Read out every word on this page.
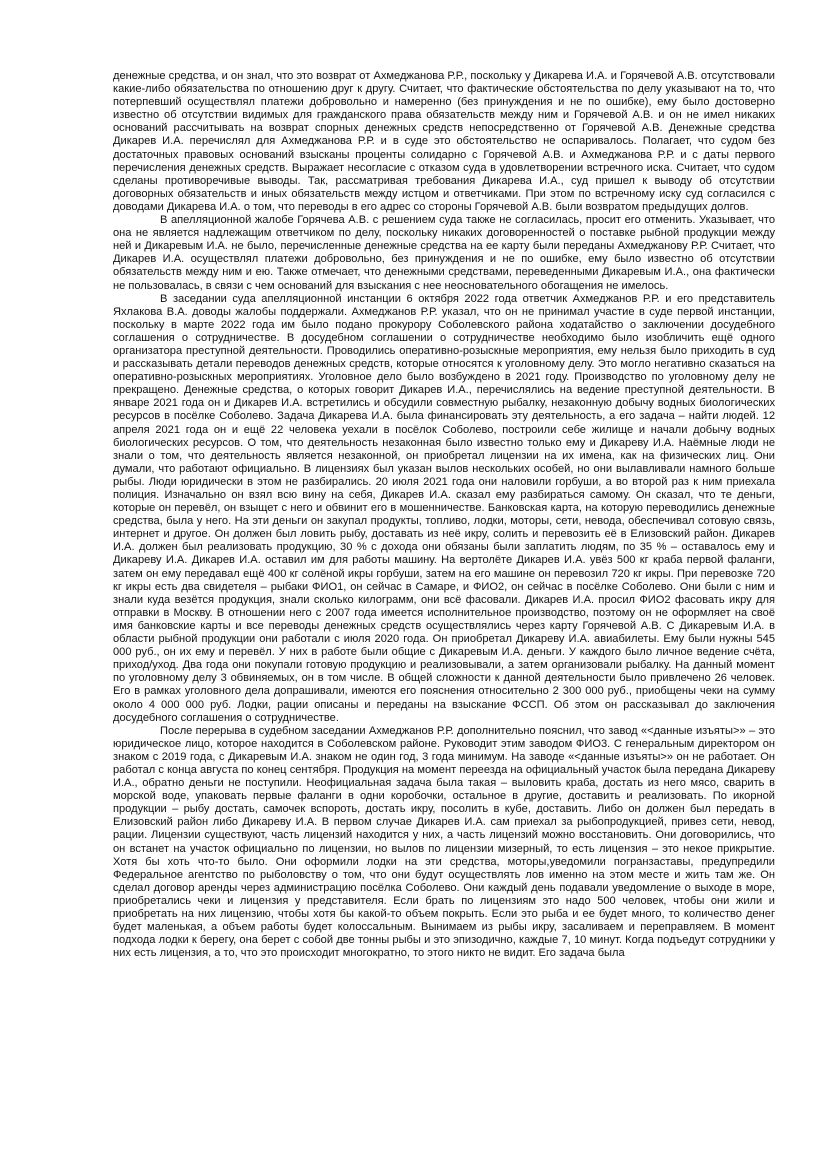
денежные средства, и он знал, что это возврат от Ахмеджанова Р.Р., поскольку у Дикарева И.А. и Горячевой А.В. отсутствовали какие-либо обязательства по отношению друг к другу. Считает, что фактические обстоятельства по делу указывают на то, что потерпевший осуществлял платежи добровольно и намеренно (без принуждения и не по ошибке), ему было достоверно известно об отсутствии видимых для гражданского права обязательств между ним и Горячевой А.В. и он не имел никаких оснований рассчитывать на возврат спорных денежных средств непосредственно от Горячевой А.В. Денежные средства Дикарев И.А. перечислял для Ахмеджанова Р.Р. и в суде это обстоятельство не оспаривалось. Полагает, что судом без достаточных правовых оснований взысканы проценты солидарно с Горячевой А.В. и Ахмеджанова Р.Р. и с даты первого перечисления денежных средств. Выражает несогласие с отказом суда в удовлетворении встречного иска. Считает, что судом сделаны противоречивые выводы. Так, рассматривая требования Дикарева И.А., суд пришел к выводу об отсутствии договорных обязательств и иных обязательств между истцом и ответчиками. При этом по встречному иску суд согласился с доводами Дикарева И.А. о том, что переводы в его адрес со стороны Горячевой А.В. были возвратом предыдущих долгов.

В апелляционной жалобе Горячева А.В. с решением суда также не согласилась, просит его отменить. Указывает, что она не является надлежащим ответчиком по делу, поскольку никаких договоренностей о поставке рыбной продукции между ней и Дикаревым И.А. не было, перечисленные денежные средства на ее карту были переданы Ахмеджанову Р.Р. Считает, что Дикарев И.А. осуществлял платежи добровольно, без принуждения и не по ошибке, ему было известно об отсутствии обязательств между ним и ею. Также отмечает, что денежными средствами, переведенными Дикаревым И.А., она фактически не пользовалась, в связи с чем оснований для взыскания с нее неосновательного обогащения не имелось.

В заседании суда апелляционной инстанции 6 октября 2022 года ответчик Ахмеджанов Р.Р. и его представитель Яхлакова В.А. доводы жалобы поддержали. Ахмеджанов Р.Р. указал, что он не принимал участие в суде первой инстанции, поскольку в марте 2022 года им было подано прокурору Соболевского района ходатайство о заключении досудебного соглашения о сотрудничестве. В досудебном соглашении о сотрудничестве необходимо было изобличить ещё одного организатора преступной деятельности. Проводились оперативно-розыскные мероприятия, ему нельзя было приходить в суд и рассказывать детали переводов денежных средств, которые относятся к уголовному делу. Это могло негативно сказаться на оперативно-розыскных мероприятиях. Уголовное дело было возбуждено в 2021 году. Производство по уголовному делу не прекращено. Денежные средства, о которых говорит Дикарев И.А., перечислялись на ведение преступной деятельности. В январе 2021 года он и Дикарев И.А. встретились и обсудили совместную рыбалку, незаконную добычу водных биологических ресурсов в посёлке Соболево. Задача Дикарева И.А. была финансировать эту деятельность, а его задача – найти людей. 12 апреля 2021 года он и ещё 22 человека уехали в посёлок Соболево, построили себе жилище и начали добычу водных биологических ресурсов. О том, что деятельность незаконная было известно только ему и Дикареву И.А. Наёмные люди не знали о том, что деятельность является незаконной, он приобретал лицензии на их имена, как на физических лиц. Они думали, что работают официально. В лицензиях был указан вылов нескольких особей, но они вылавливали намного больше рыбы. Люди юридически в этом не разбирались. 20 июля 2021 года они наловили горбуши, а во второй раз к ним приехала полиция. Изначально он взял всю вину на себя, Дикарев И.А. сказал ему разбираться самому. Он сказал, что те деньги, которые он перевёл, он взыщет с него и обвинит его в мошенничестве. Банковская карта, на которую переводились денежные средства, была у него. На эти деньги он закупал продукты, топливо, лодки, моторы, сети, невода, обеспечивал сотовую связь, интернет и другое. Он должен был ловить рыбу, доставать из неё икру, солить и перевозить её в Елизовский район. Дикарев И.А. должен был реализовать продукцию, 30 % с дохода они обязаны были заплатить людям, по 35 % – оставалось ему и Дикареву И.А. Дикарев И.А. оставил им для работы машину. На вертолёте Дикарев И.А. увёз 500 кг краба первой фаланги, затем он ему передавал ещё 400 кг солёной икры горбуши, затем на его машине он перевозил 720 кг икры. При перевозке 720 кг икры есть два свидетеля – рыбаки ФИО1, он сейчас в Самаре, и ФИО2, он сейчас в посёлке Соболево. Они были с ним и знали куда везётся продукция, знали сколько килограмм, они всё фасовали. Дикарев И.А. просил ФИО2 фасовать икру для отправки в Москву. В отношении него с 2007 года имеется исполнительное производство, поэтому он не оформляет на своё имя банковские карты и все переводы денежных средств осуществлялись через карту Горячевой А.В. С Дикаревым И.А. в области рыбной продукции они работали с июля 2020 года. Он приобретал Дикареву И.А. авиабилеты. Ему были нужны 545 000 руб., он их ему и перевёл. У них в работе были общие с Дикаревым И.А. деньги. У каждого было личное ведение счёта, приход/уход. Два года они покупали готовую продукцию и реализовывали, а затем организовали рыбалку. На данный момент по уголовному делу 3 обвиняемых, он в том числе. В общей сложности к данной деятельности было привлечено 26 человек. Его в рамках уголовного дела допрашивали, имеются его пояснения относительно 2 300 000 руб., приобщены чеки на сумму около 4 000 000 руб. Лодки, рации описаны и переданы на взыскание ФССП. Об этом он рассказывал до заключения досудебного соглашения о сотрудничестве.

После перерыва в судебном заседании Ахмеджанов Р.Р. дополнительно пояснил, что завод «<данные изъяты>» – это юридическое лицо, которое находится в Соболевском районе. Руководит этим заводом ФИО3. С генеральным директором он знаком с 2019 года, с Дикаревым И.А. знаком не один год, 3 года минимум. На заводе «<данные изъяты>» он не работает. Он работал с конца августа по конец сентября. Продукция на момент переезда на официальный участок была передана Дикареву И.А., обратно деньги не поступили. Неофициальная задача была такая – выловить краба, достать из него мясо, сварить в морской воде, упаковать первые фаланги в одни коробочки, остальное в другие, доставить и реализовать. По икорной продукции – рыбу достать, самочек вспороть, достать икру, посолить в кубе, доставить. Либо он должен был передать в Елизовский район либо Дикареву И.А. В первом случае Дикарев И.А. сам приехал за рыбопродукцией, привез сети, невод, рации. Лицензии существуют, часть лицензий находится у них, а часть лицензий можно восстановить. Они договорились, что он встанет на участок официально по лицензии, но вылов по лицензии мизерный, то есть лицензия – это некое прикрытие. Хотя бы хоть что-то было. Они оформили лодки на эти средства, моторы,уведомили погранзаставы, предупредили Федеральное агентство по рыболовству о том, что они будут осуществлять лов именно на этом месте и жить там же. Он сделал договор аренды через администрацию посёлка Соболево. Они каждый день подавали уведомление о выходе в море, приобретались чеки и лицензия у представителя. Если брать по лицензиям это надо 500 человек, чтобы они жили и приобретать на них лицензию, чтобы хотя бы какой-то объем покрыть. Если это рыба и ее будет много, то количество денег будет маленькая, а объем работы будет колоссальным. Вынимаем из рыбы икру, засаливаем и переправляем. В момент подхода лодки к берегу, она берет с собой две тонны рыбы и это эпизодично, каждые 7, 10 минут. Когда подъедут сотрудники у них есть лицензия, а то, что это происходит многократно, то этого никто не видит. Его задача была
